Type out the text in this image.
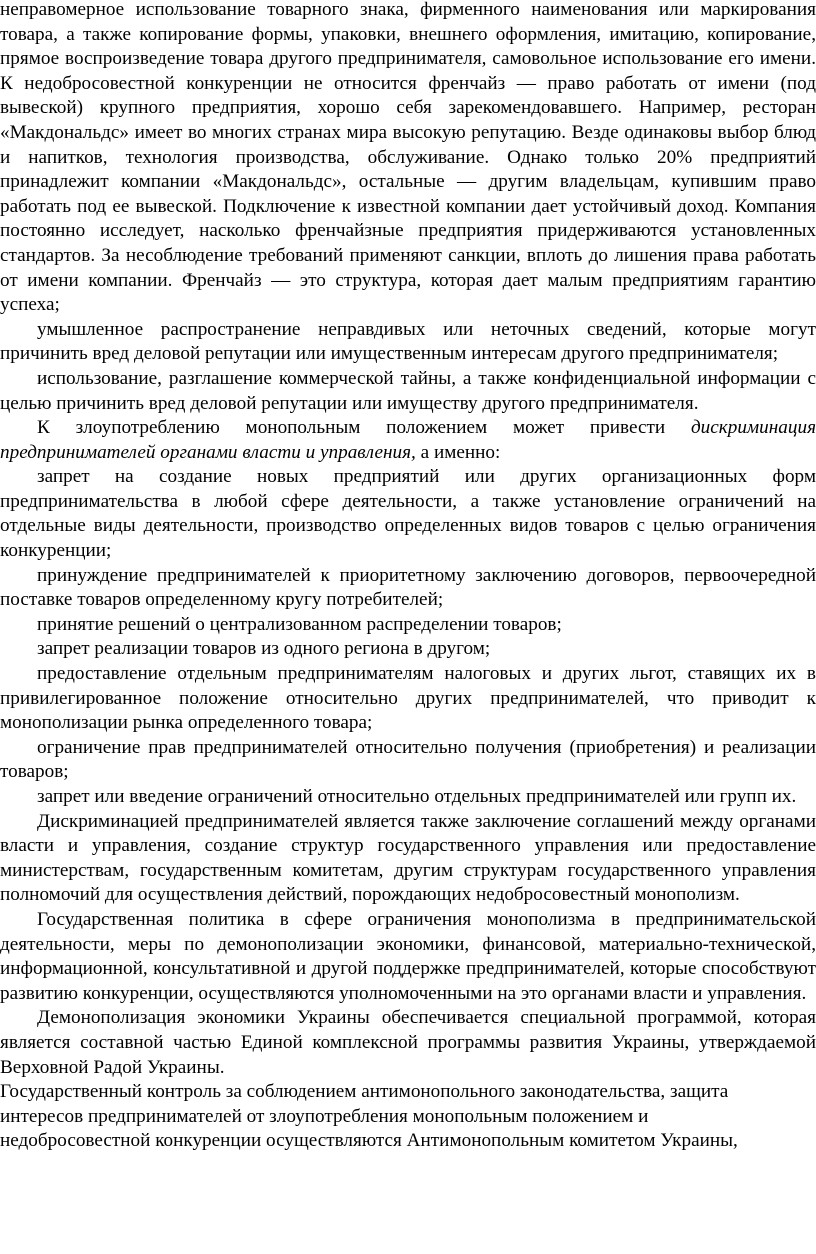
неправомерное использование товарного знака, фирменного наименования или маркирования товара, а также копирование формы, упаковки, внешнего оформления, имитацию, копирование, прямое воспроизведение товара другого предпринимателя, самовольное использование его имени. К недобросовестной конкуренции не относится френчайз — право работать от имени (под вывеской) крупного предприятия, хорошо себя зарекомендовавшего. Например, ресторан «Макдональдс» имеет во многих странах мира высокую репутацию. Везде одинаковы выбор блюд и напитков, технология производства, обслуживание. Однако только 20% предприятий принадлежит компании «Макдональдс», остальные — другим владельцам, купившим право работать под ее вывеской. Подключение к известной компании дает устойчивый доход. Компания постоянно исследует, насколько френчайзные предприятия придерживаются установленных стандартов. За несоблюдение требований применяют санкции, вплоть до лишения права работать от имени компании. Френчайз — это структура, которая дает малым предприятиям гарантию успеха;

умышленное распространение неправдивых или неточных сведений, которые могут причинить вред деловой репутации или имущественным интересам другого предпринимателя;

использование, разглашение коммерческой тайны, а также конфиденциальной информации с целью причинить вред деловой репутации или имуществу другого предпринимателя.

К злоупотреблению монопольным положением может привести дискриминация предпринимателей органами власти и управления, а именно:

запрет на создание новых предприятий или других организационных форм предпринимательства в любой сфере деятельности, а также установление ограничений на отдельные виды деятельности, производство определенных видов товаров с целью ограничения конкуренции;

принуждение предпринимателей к приоритетному заключению договоров, первоочередной поставке товаров определенному кругу потребителей;

принятие решений о централизованном распределении товаров;

запрет реализации товаров из одного региона в другом;

предоставление отдельным предпринимателям налоговых и других льгот, ставящих их в привилегированное положение относительно других предпринимателей, что приводит к монополизации рынка определенного товара;

ограничение прав предпринимателей относительно получения (приобретения) и реализации товаров;

запрет или введение ограничений относительно отдельных предпринимателей или групп их.

Дискриминацией предпринимателей является также заключение соглашений между органами власти и управления, создание структур государственного управления или предоставление министерствам, государственным комитетам, другим структурам государственного управления полномочий для осуществления действий, порождающих недобросовестный монополизм.

Государственная политика в сфере ограничения монополизма в предпринимательской деятельности, меры по демонополизации экономики, финансовой, материально-технической, информационной, консультативной и другой поддержке предпринимателей, которые способствуют развитию конкуренции, осуществляются уполномоченными на это органами власти и управления.

Демонополизация экономики Украины обеспечивается специальной программой, которая является составной частью Единой комплексной программы развития Украины, утверждаемой Верховной Радой Украины.

Государственный контроль за соблюдением антимонопольного законодательства, защита
интересов предпринимателей от злоупотребления монопольным положением и
недобросовестной конкуренции осуществляются Антимонопольным комитетом Украины,
